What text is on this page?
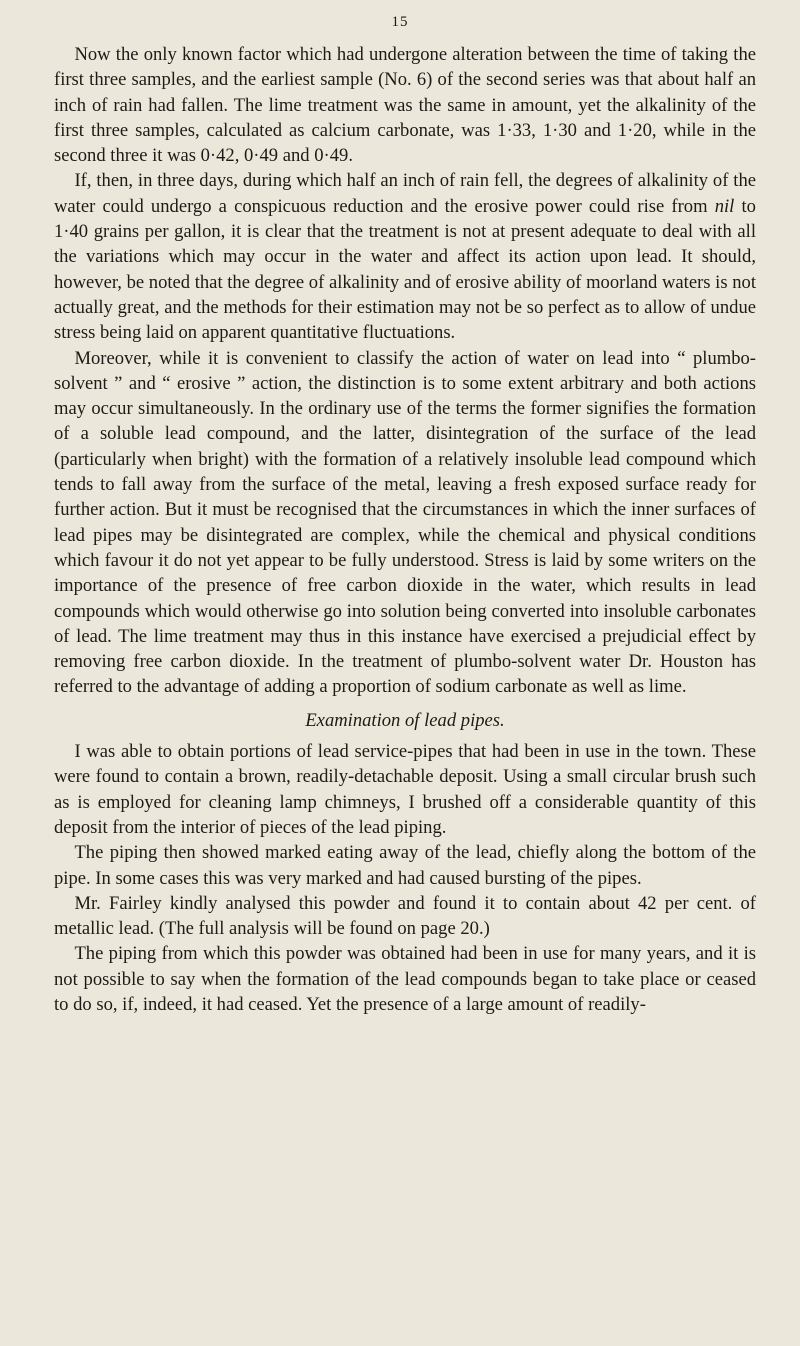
15

Now the only known factor which had undergone alteration between the time of taking the first three samples, and the earliest sample (No. 6) of the second series was that about half an inch of rain had fallen. The lime treatment was the same in amount, yet the alkalinity of the first three samples, calculated as calcium carbonate, was 1·33, 1·30 and 1·20, while in the second three it was 0·42, 0·49 and 0·49.

If, then, in three days, during which half an inch of rain fell, the degrees of alkalinity of the water could undergo a conspicuous reduction and the erosive power could rise from nil to 1·40 grains per gallon, it is clear that the treatment is not at present adequate to deal with all the variations which may occur in the water and affect its action upon lead. It should, however, be noted that the degree of alkalinity and of erosive ability of moorland waters is not actually great, and the methods for their estimation may not be so perfect as to allow of undue stress being laid on apparent quantitative fluctuations.

Moreover, while it is convenient to classify the action of water on lead into “ plumbo-solvent ” and “ erosive ” action, the distinction is to some extent arbitrary and both actions may occur simultaneously. In the ordinary use of the terms the former signifies the formation of a soluble lead compound, and the latter, disintegration of the surface of the lead (particularly when bright) with the formation of a relatively insoluble lead compound which tends to fall away from the surface of the metal, leaving a fresh exposed surface ready for further action. But it must be recognised that the circumstances in which the inner surfaces of lead pipes may be disintegrated are complex, while the chemical and physical conditions which favour it do not yet appear to be fully understood. Stress is laid by some writers on the importance of the presence of free carbon dioxide in the water, which results in lead compounds which would otherwise go into solution being converted into insoluble carbonates of lead. The lime treatment may thus in this instance have exercised a prejudicial effect by removing free carbon dioxide. In the treatment of plumbo-solvent water Dr. Houston has referred to the advantage of adding a proportion of sodium carbonate as well as lime.

Examination of lead pipes.

I was able to obtain portions of lead service-pipes that had been in use in the town. These were found to contain a brown, readily-detachable deposit. Using a small circular brush such as is employed for cleaning lamp chimneys, I brushed off a considerable quantity of this deposit from the interior of pieces of the lead piping.

The piping then showed marked eating away of the lead, chiefly along the bottom of the pipe. In some cases this was very marked and had caused bursting of the pipes.

Mr. Fairley kindly analysed this powder and found it to contain about 42 per cent. of metallic lead. (The full analysis will be found on page 20.)

The piping from which this powder was obtained had been in use for many years, and it is not possible to say when the formation of the lead compounds began to take place or ceased to do so, if, indeed, it had ceased. Yet the presence of a large amount of readily-
